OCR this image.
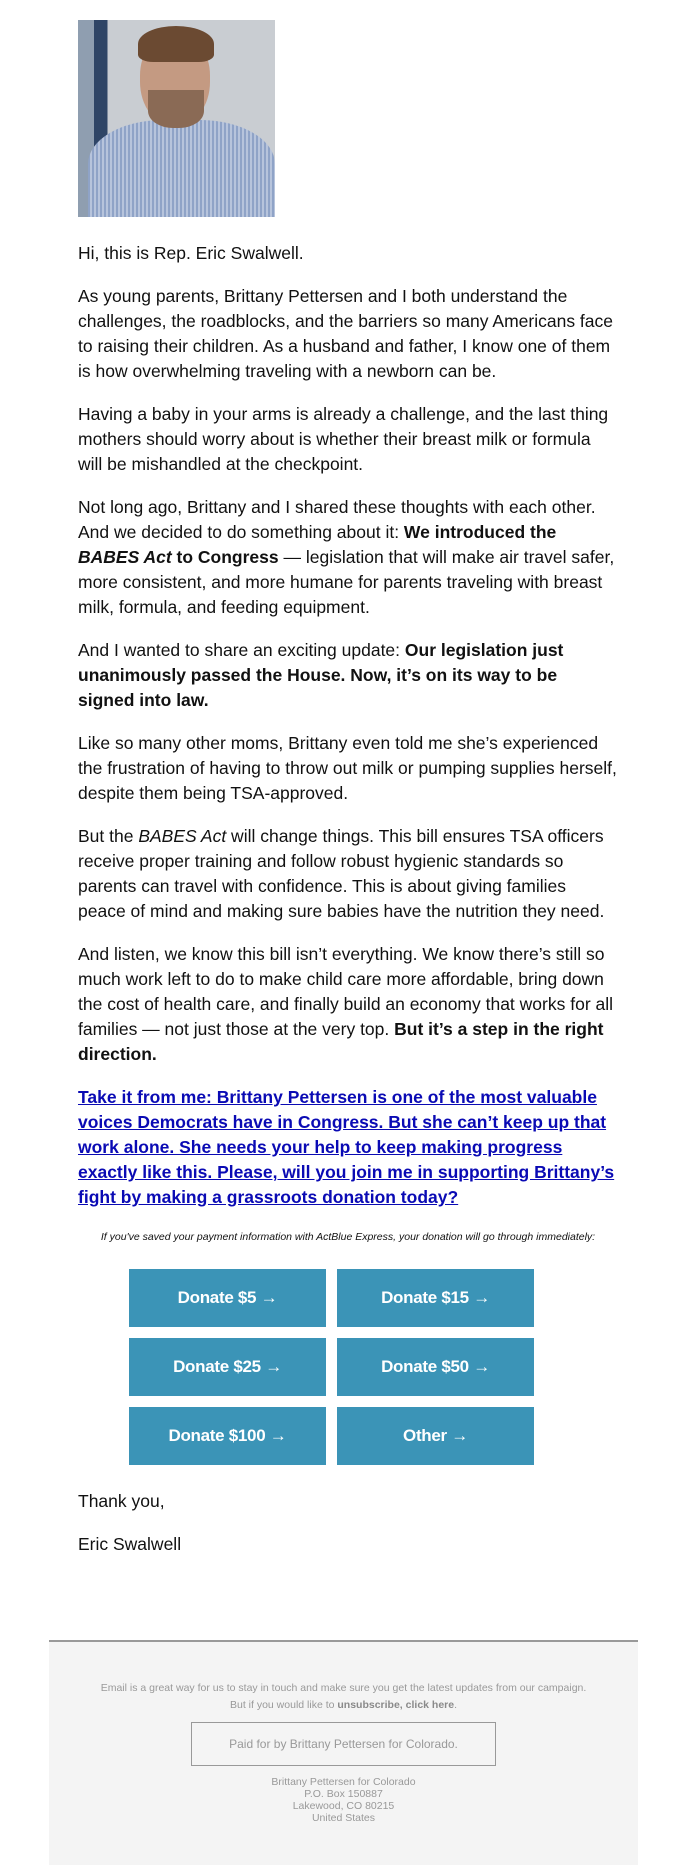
Hi, this is Rep. Eric Swalwell.

As young parents, Brittany Pettersen and I both understand the challenges, the roadblocks, and the barriers so many Americans face to raising their children. As a husband and father, I know one of them is how overwhelming traveling with a newborn can be.

Having a baby in your arms is already a challenge, and the last thing mothers should worry about is whether their breast milk or formula will be mishandled at the checkpoint.

Not long ago, Brittany and I shared these thoughts with each other. And we decided to do something about it: We introduced the BABES Act to Congress — legislation that will make air travel safer, more consistent, and more humane for parents traveling with breast milk, formula, and feeding equipment.

And I wanted to share an exciting update: Our legislation just unanimously passed the House. Now, it’s on its way to be signed into law.

Like so many other moms, Brittany even told me she’s experienced the frustration of having to throw out milk or pumping supplies herself, despite them being TSA-approved.

But the BABES Act will change things. This bill ensures TSA officers receive proper training and follow robust hygienic standards so parents can travel with confidence. This is about giving families peace of mind and making sure babies have the nutrition they need.

And listen, we know this bill isn’t everything. We know there’s still so much work left to do to make child care more affordable, bring down the cost of health care, and finally build an economy that works for all families — not just those at the very top. But it’s a step in the right direction.

Take it from me: Brittany Pettersen is one of the most valuable voices Democrats have in Congress. But she can’t keep up that work alone. She needs your help to keep making progress exactly like this. Please, will you join me in supporting Brittany’s fight by making a grassroots donation today?

If you've saved your payment information with ActBlue Express, your donation will go through immediately:
Donate $5 →	Donate $15 →
Donate $25 →	Donate $50 →
Donate $100 →	Other →

Thank you,

Eric Swalwell

Email is a great way for us to stay in touch and make sure you get the latest updates from our campaign.
But if you would like to unsubscribe, click here.
Paid for by Brittany Pettersen for Colorado.
Brittany Pettersen for Colorado
P.O. Box 150887
Lakewood, CO 80215
United States
